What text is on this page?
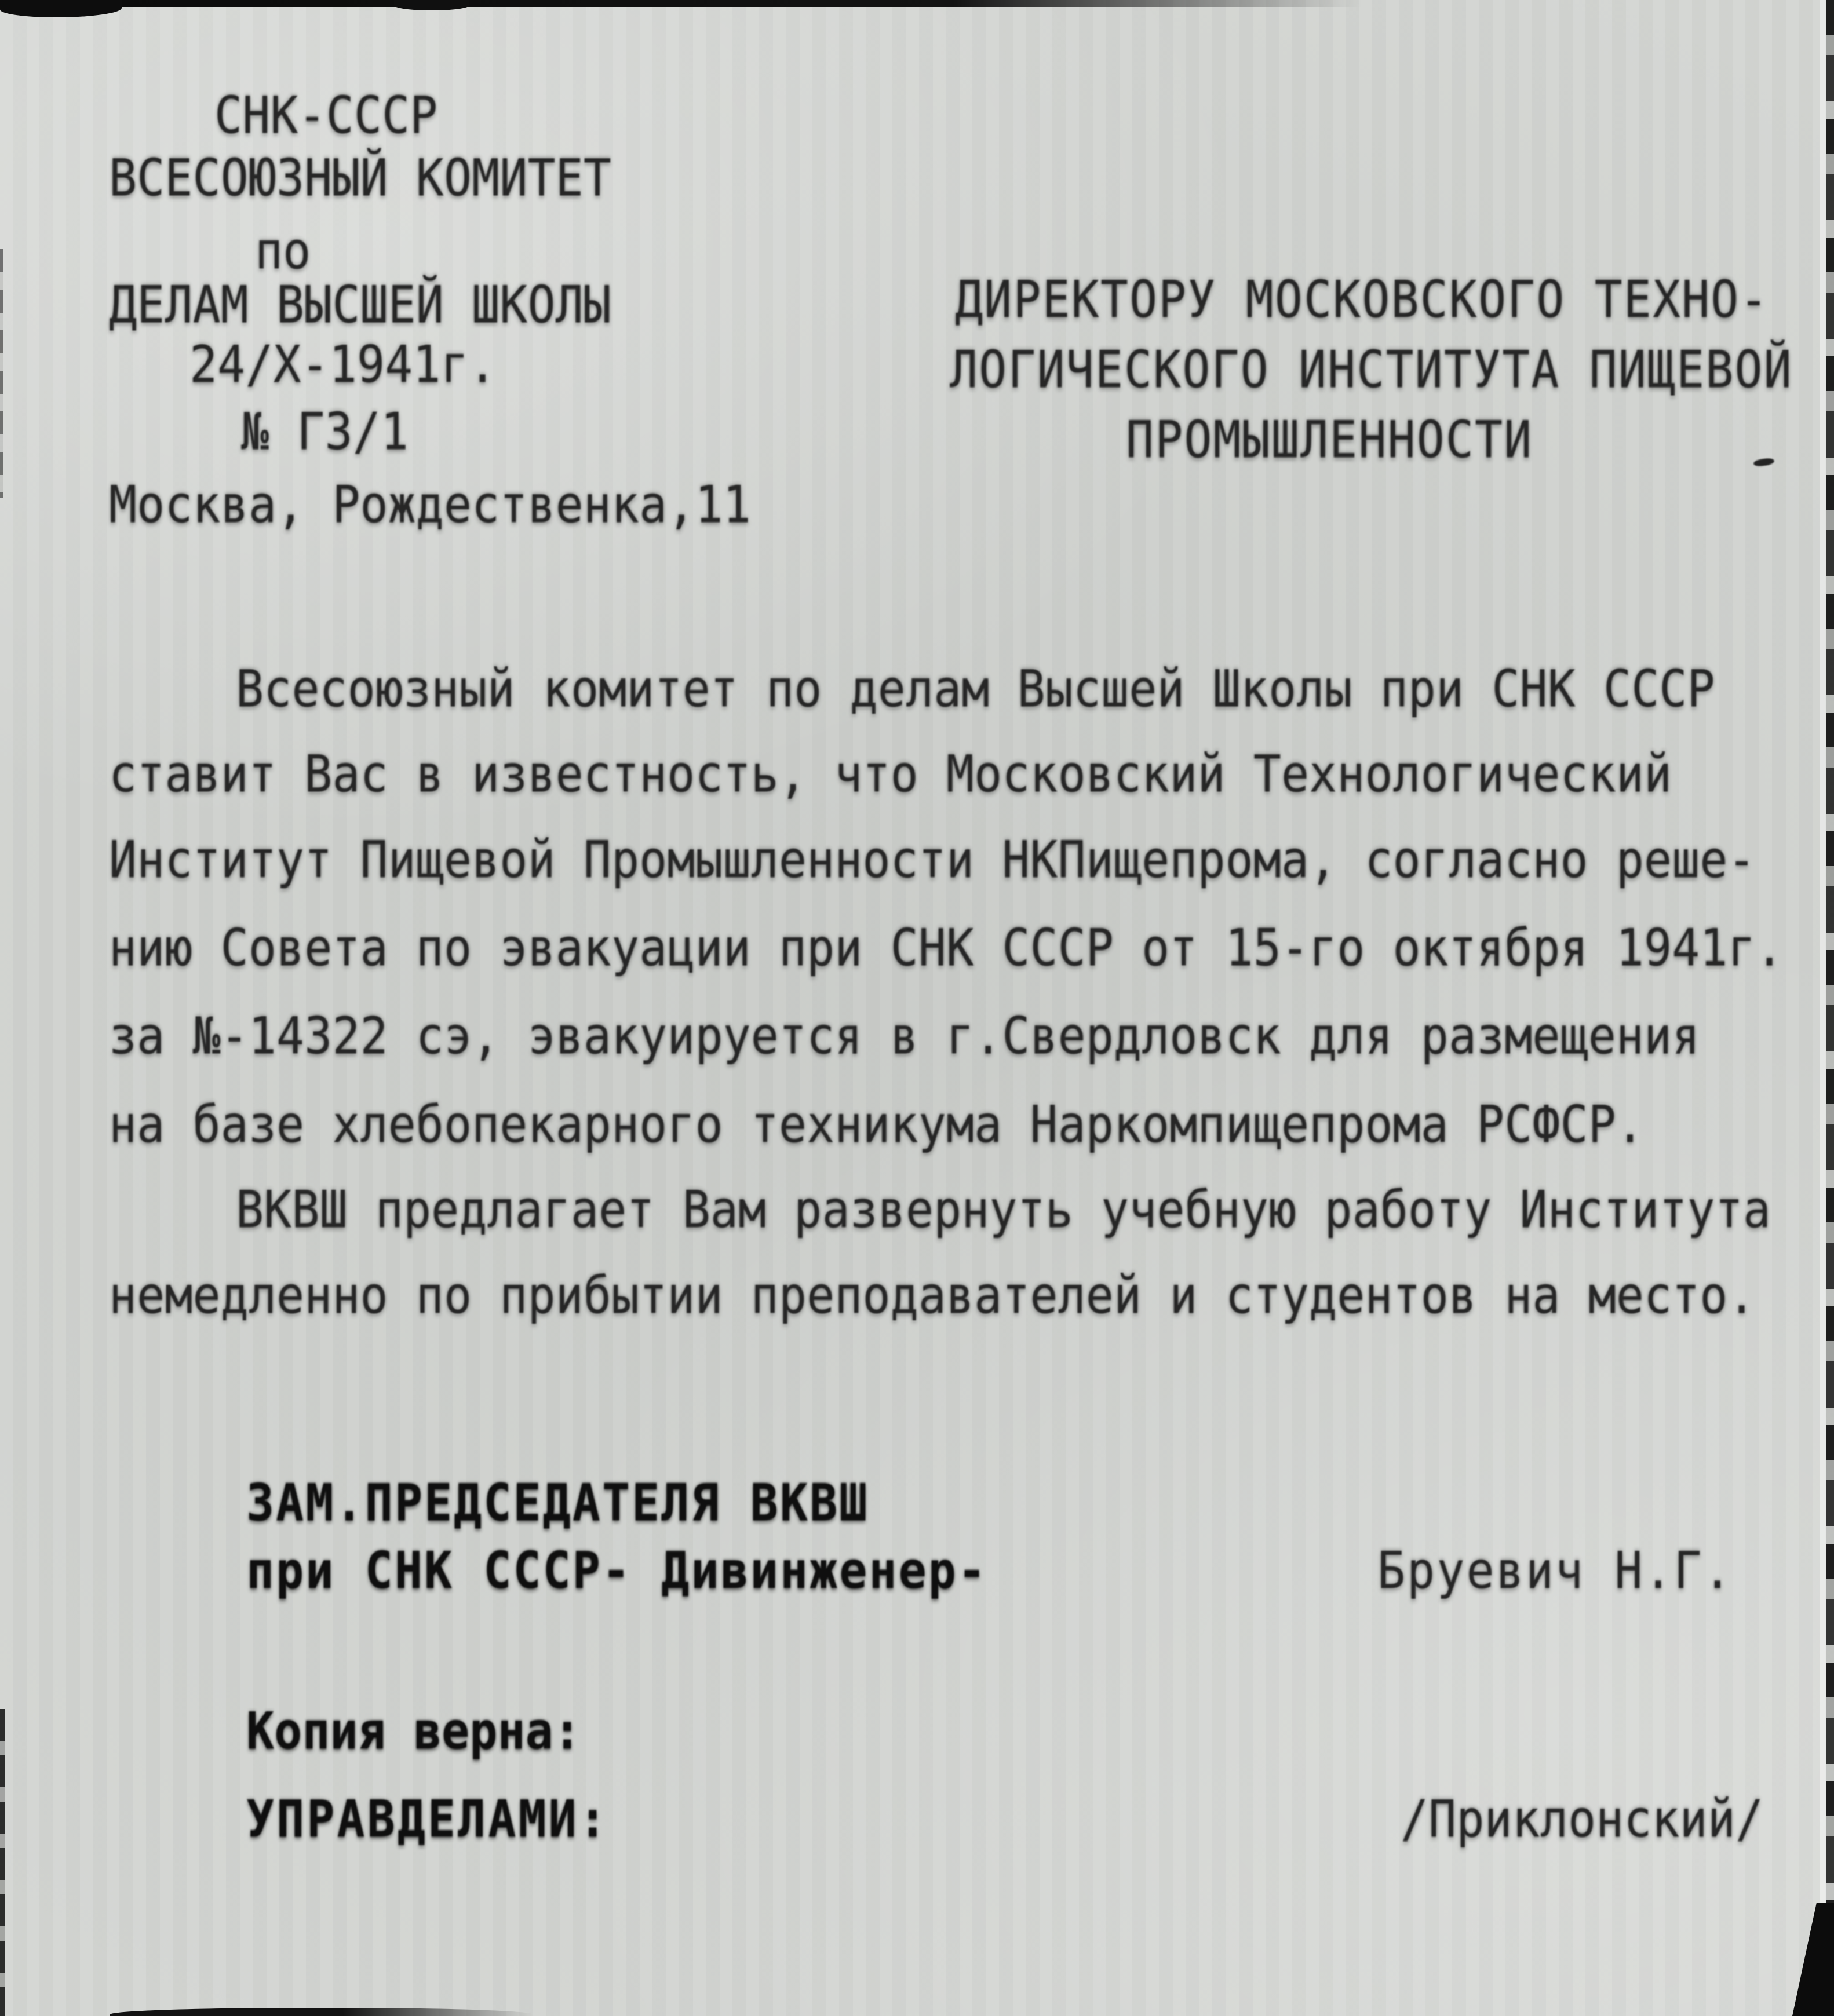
СНК-СССР
ВСЕСОЮЗНЫЙ КОМИТЕТ
по
ДЕЛАМ ВЫСШЕЙ ШКОЛЫ
24/Х-1941г.
№ Г3/1
Москва, Рождественка,11
ДИРЕКТОРУ МОСКОВСКОГО ТЕХНО-
ЛОГИЧЕСКОГО ИНСТИТУТА ПИЩЕВОЙ
ПРОМЫШЛЕННОСТИ
Всесоюзный комитет по делам Высшей Школы при СНК СССР
ставит Вас в известность, что Московский Технологический
Институт Пищевой Промышленности НКПищепрома, согласно реше-
нию Совета по эвакуации при СНК СССР от 15-го октября 1941г.
за №-14322 сэ, эвакуируется в г.Свердловск для размещения
на базе хлебопекарного техникума Наркомпищепрома РСФСР.
ВКВШ предлагает Вам развернуть учебную работу Института
немедленно по прибытии преподавателей и студентов на место.
ЗАМ.ПРЕДСЕДАТЕЛЯ ВКВШ
при СНК СССР- Дивинженер-	Бруевич Н.Г.
Копия верна:
УПРАВДЕЛАМИ:	/Приклонский/
